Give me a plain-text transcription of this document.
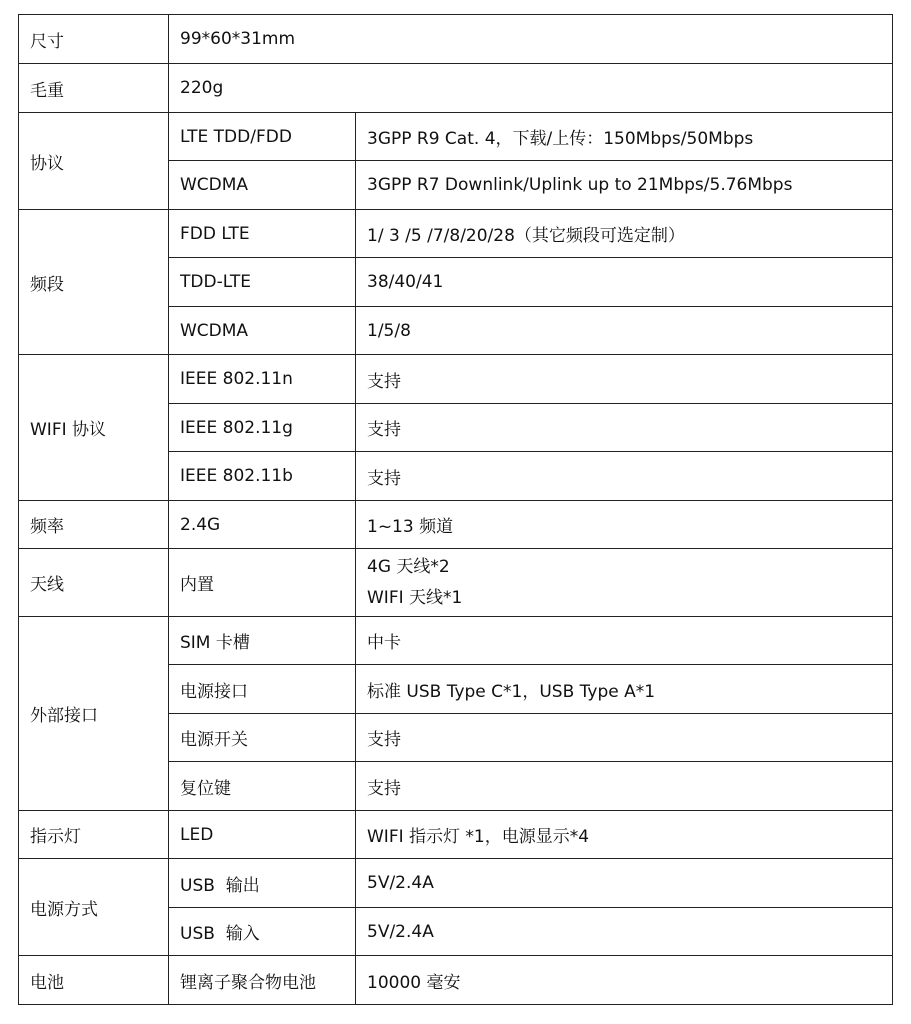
尺寸	99*60*31mm	
毛重	220g	
协议	LTE TDD/FDD	3GPP R9 Cat. 4，下载/上传：150Mbps/50Mbps
	WCDMA	3GPP R7 Downlink/Uplink up to 21Mbps/5.76Mbps
频段	FDD LTE	1/ 3 /5 /7/8/20/28（其它频段可选定制）
	TDD-LTE	38/40/41
	WCDMA	1/5/8
WIFI 协议	IEEE 802.11n	支持
	IEEE 802.11g	支持
	IEEE 802.11b	支持
频率	2.4G	1~13 频道
天线	内置	4G 天线*2
WIFI 天线*1

外部接口	SIM 卡槽	中卡
	电源接口	标准 USB Type C*1，USB Type A*1
	电源开关	支持
	复位键	支持
指示灯	LED	WIFI 指示灯 *1，电源显示*4
电源方式	USB  输出	5V/2.4A
	USB  输入	5V/2.4A
电池	锂离子聚合物电池	10000 毫安
